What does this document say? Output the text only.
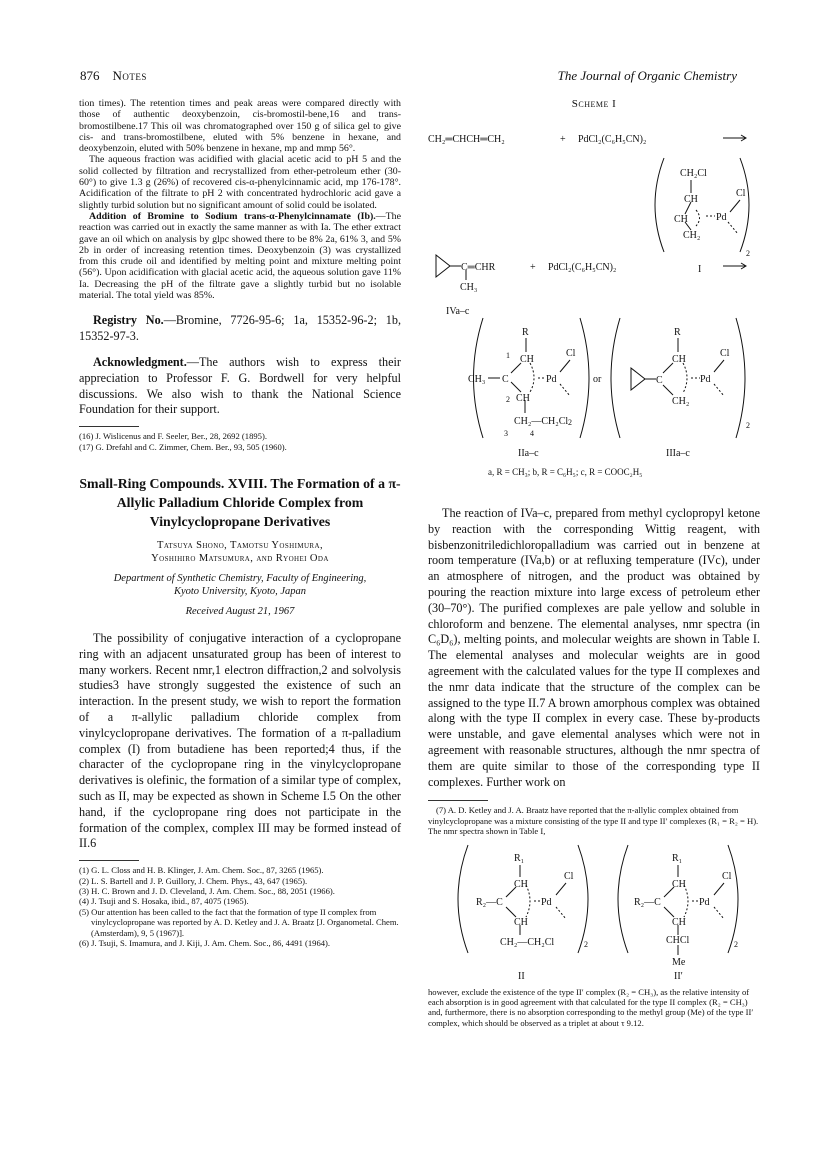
876 Notes	The Journal of Organic Chemistry

tion times). The retention times and peak areas were compared directly with those of authentic deoxybenzoin, cis-bromostil-bene,16 and trans-bromostilbene.17 This oil was chromatographed over 150 g of silica gel to give cis- and trans-bromostilbene, eluted with 5% benzene in hexane, and deoxybenzoin, eluted with 50% benzene in hexane, mp and mmp 56°.

The aqueous fraction was acidified with glacial acetic acid to pH 5 and the solid collected by filtration and recrystallized from ether-petroleum ether (30-60°) to give 1.3 g (26%) of recovered cis-α-phenylcinnamic acid, mp 176-178°. Acidification of the filtrate to pH 2 with concentrated hydrochloric acid gave a slightly turbid solution but no significant amount of solid could be isolated.

Addition of Bromine to Sodium trans-α-Phenylcinnamate (Ib).—The reaction was carried out in exactly the same manner as with Ia. The ether extract gave an oil which on analysis by glpc showed there to be 8% 2a, 61% 3, and 5% 2b in order of increasing retention times. Deoxybenzoin (3) was crystallized from this crude oil and identified by melting point and mixture melting point (56°). Upon acidification with glacial acetic acid, the aqueous solution gave 11% Ia. Decreasing the pH of the filtrate gave a slightly turbid but no isolable material. The total yield was 85%.

Registry No.—Bromine, 7726-95-6; 1a, 15352-96-2; 1b, 15352-97-3.

Acknowledgment.—The authors wish to express their appreciation to Professor F. G. Bordwell for very helpful discussions. We also wish to thank the National Science Foundation for their support.

(16) J. Wislicenus and F. Seeler, Ber., 28, 2692 (1895).

(17) G. Drefahl and C. Zimmer, Chem. Ber., 93, 505 (1960).

Small-Ring Compounds. XVIII. The Formation of a π-Allylic Palladium Chloride Complex from Vinylcyclopropane Derivatives
Tatsuya Shono, Tamotsu Yoshimura,
Yoshihiro Matsumura, and Ryohei Oda
Department of Synthetic Chemistry, Faculty of Engineering,
Kyoto University, Kyoto, Japan
Received August 21, 1967

The possibility of conjugative interaction of a cyclopropane ring with an adjacent unsaturated group has been of interest to many workers. Recent nmr,1 electron diffraction,2 and solvolysis studies3 have strongly suggested the existence of such an interaction. In the present study, we wish to report the formation of a π-allylic palladium chloride complex from vinylcyclopropane derivatives. The formation of a π-palladium complex (I) from butadiene has been reported;4 thus, if the character of the cyclopropane ring in the vinylcyclopropane derivatives is olefinic, the formation of a similar type of complex, such as II, may be expected as shown in Scheme I.5 On the other hand, if the cyclopropane ring does not participate in the formation of the complex, complex III may be formed instead of II.6

(1) G. L. Closs and H. B. Klinger, J. Am. Chem. Soc., 87, 3265 (1965).

(2) L. S. Bartell and J. P. Guillory, J. Chem. Phys., 43, 647 (1965).

(3) H. C. Brown and J. D. Cleveland, J. Am. Chem. Soc., 88, 2051 (1966).

(4) J. Tsuji and S. Hosaka, ibid., 87, 4075 (1965).

(5) Our attention has been called to the fact that the formation of type II complex from vinylcyclopropane was reported by A. D. Ketley and J. A. Braatz [J. Organometal. Chem. (Amsterdam), 9, 5 (1967)].

(6) J. Tsuji, S. Imamura, and J. Kiji, J. Am. Chem. Soc., 86, 4491 (1964).

Scheme I
CH₂═CHCH═CH₂	+ PdCl₂(C₆H₅CN)₂
CH₂Cl
CH
CH
CH₂
Pd
Cl
2
I
C═CHR
CH₃
+ PdCl₂(C₆H₅CN)₂
IVa–c
R
1 CH
CH₃ C
2 CH
CH₂—CH₂Cl 2
3	4
Pd
Cl
or
IIa–c
R
CH
C
CH₂
Pd
Cl
2
IIIa–c
a, R = CH₃; b, R = C₆H₅; c, R = COOC₂H₅

The reaction of IVa–c, prepared from methyl cyclopropyl ketone by reaction with the corresponding Wittig reagent, with bisbenzonitriledichloropalladium was carried out in benzene at room temperature (IVa,b) or at refluxing temperature (IVc), under an atmosphere of nitrogen, and the product was obtained by pouring the reaction mixture into large excess of petroleum ether (30–70°). The purified complexes are pale yellow and soluble in chloroform and benzene. The elemental analyses, nmr spectra (in C₆D₆), melting points, and molecular weights are shown in Table I. The elemental analyses and molecular weights are in good agreement with the calculated values for the type II complexes and the nmr data indicate that the structure of the complex can be assigned to the type II.7 A brown amorphous complex was obtained along with the type II complex in every case. These by-products were unstable, and gave elemental analyses which were not in agreement with reasonable structures, although the nmr spectra of them are quite similar to those of the corresponding type II complexes. Further work on

(7) A. D. Ketley and J. A. Braatz have reported that the π-allylic complex obtained from vinylcyclopropane was a mixture consisting of the type II and type II′ complexes (R₁ = R₂ = H). The nmr spectra shown in Table I,

R₁
CH
R₂—C
CH
CH₂—CH₂Cl
Pd
Cl
2
II
R₁
CH
R₂—C
CH
CHCl
Me
Pd
Cl
2
II′

however, exclude the existence of the type II′ complex (R₂ = CH₃), as the relative intensity of each absorption is in good agreement with that calculated for the type II complex (R₂ = CH₃) and, furthermore, there is no absorption corresponding to the methyl group (Me) of the type II′ complex, which should be observed as a triplet at about τ 9.12.
